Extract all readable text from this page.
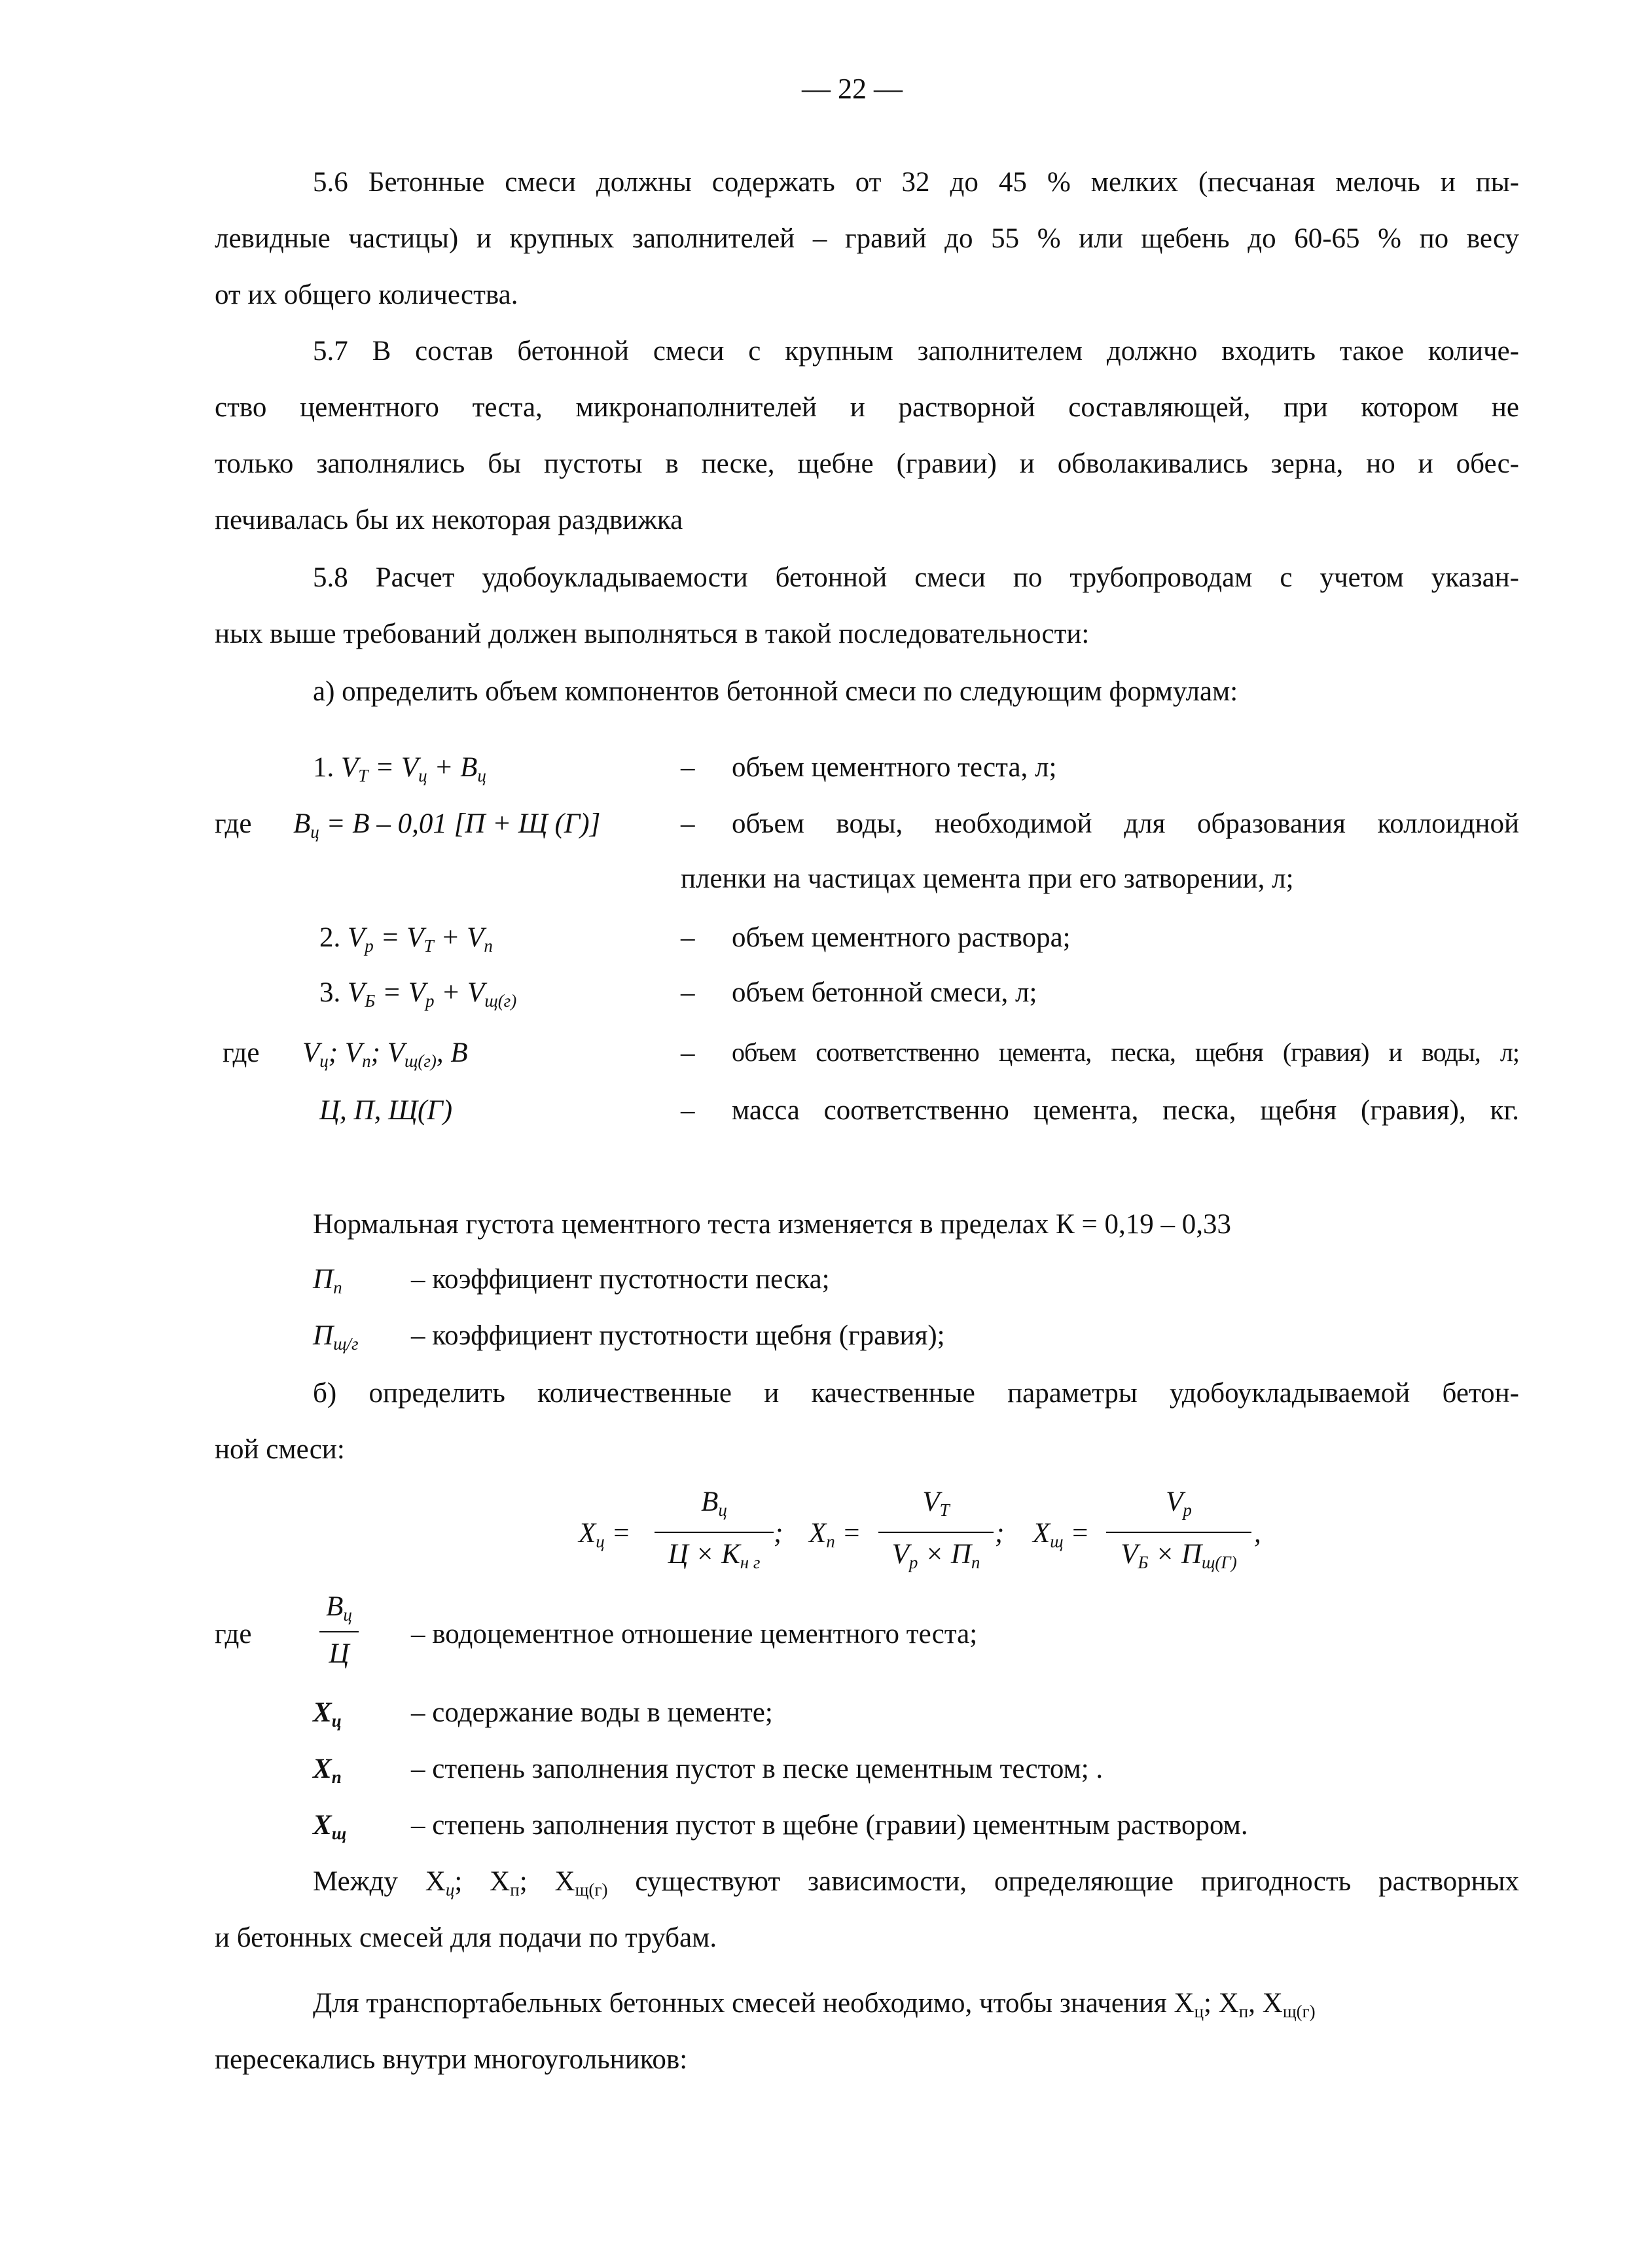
— 22 —
5.6 Бетонные смеси должны содержать от 32 до 45 % мелких (песчаная мелочь и пы-
левидные частицы) и крупных заполнителей – гравий до 55 % или щебень до 60-65 % по весу
от их общего количества.
5.7 В состав бетонной смеси с крупным заполнителем должно входить такое количе-
ство цементного теста, микронаполнителей и растворной составляющей, при котором не
только заполнялись бы пустоты в песке, щебне (гравии) и обволакивались зерна, но и обес-
печивалась бы их некоторая раздвижка
5.8 Расчет удобоукладываемости бетонной смеси по трубопроводам с учетом указан-
ных выше требований должен выполняться в такой последовательности:
а) определить объем компонентов бетонной смеси по следующим формулам:
1. $V_T = V_ц + В_ц$	– объем цементного теста, л;
где $В_ц = В - 0,01$ [П + Щ (Г)]	– объем воды, необходимой для образования коллоидной
пленки на частицах цемента при его затворении, л;
2. $V_р = V_Т + V_п$	– объем цементного раствора;
3. $V_Б = V_р + V_{щ(г)}$	– объем бетонной смеси, л;
где $V_ц$; $V_п$; $V_{щ(г)}$, В	– объем соответственно цемента, песка, щебня (гравия) и воды, л;
Ц, П, Щ(Г)	– масса соответственно цемента, песка, щебня (гравия), кг.
Нормальная густота цементного теста изменяется в пределах К = 0,19 – 0,33
$П_п$ – коэффициент пустотности песка;
$П_{щ/г}$ – коэффициент пустотности щебня (гравия);
б) определить количественные и качественные параметры удобоукладываемой бетон-
ной смеси:
$X_ц$ =
$В_ц$
$Ц \times К_{н г}$
; $X_п$ =
$V_Т$
$V_р \times П_п$
; $X_щ$ =
$V_р$
$V_Б \times П_{щ(Г)}$
,
где
$В_ц$
Ц
– водоцементное отношение цементного теста;
$X_ц$ – содержание воды в цементе;
$X_п$ – степень заполнения пустот в песке цементным тестом; .
$X_щ$ – степень заполнения пустот в щебне (гравии) цементным раствором.
Между $X_ц$; $X_п$; $X_{щ(г)}$ существуют зависимости, определяющие пригодность растворных
и бетонных смесей для подачи по трубам.
Для транспортабельных бетонных смесей необходимо, чтобы значения $X_ц$; $X_п$, $X_{щ(г)}$
пересекались внутри многоугольников:
